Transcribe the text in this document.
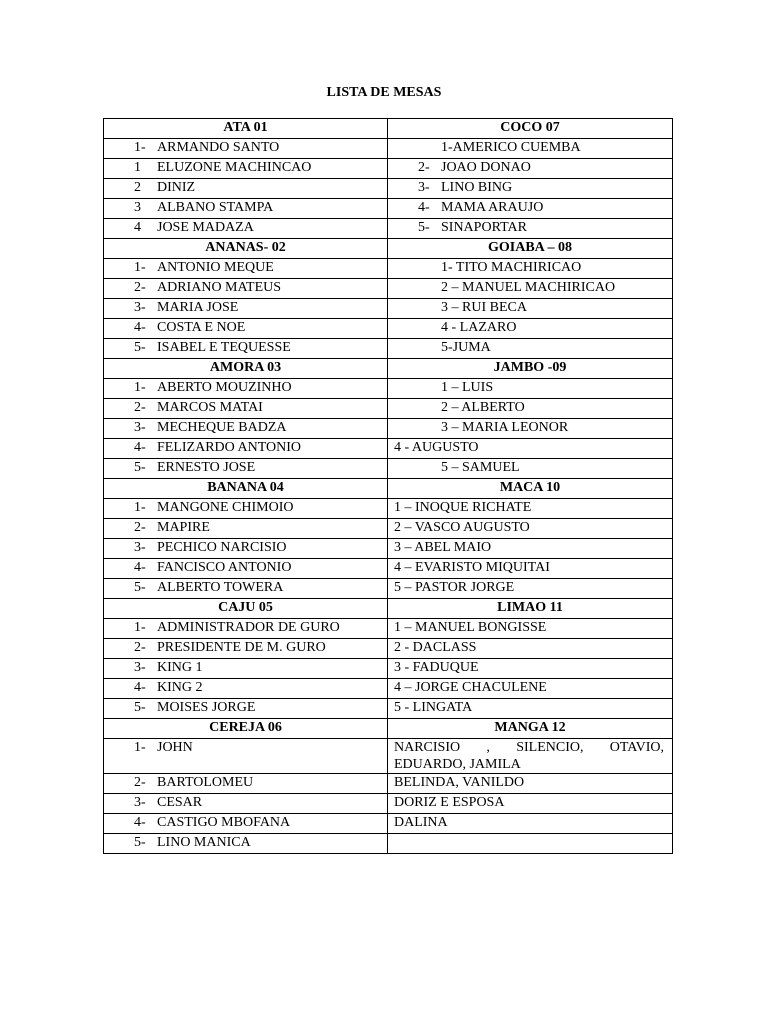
LISTA DE MESAS
ATA 01	COCO 07
1- ARMANDO SANTO	1-AMERICO CUEMBA
1 ELUZONE MACHINCAO	2- JOAO DONAO
2 DINIZ	3- LINO BING
3 ALBANO STAMPA	4- MAMA ARAUJO
4 JOSE MADAZA	5- SINAPORTAR
ANANAS- 02	GOIABA – 08
1- ANTONIO MEQUE	1- TITO MACHIRICAO
2- ADRIANO MATEUS	2 – MANUEL MACHIRICAO
3- MARIA JOSE	3 – RUI BECA
4- COSTA E NOE	4 - LAZARO
5- ISABEL E TEQUESSE	5-JUMA
AMORA 03	JAMBO -09
1- ABERTO MOUZINHO	1 – LUIS
2- MARCOS MATAI	2 – ALBERTO
3- MECHEQUE BADZA	3 – MARIA LEONOR
4- FELIZARDO ANTONIO	4 - AUGUSTO
5- ERNESTO JOSE	5 – SAMUEL
BANANA 04	MACA 10
1- MANGONE CHIMOIO	1 – INOQUE RICHATE
2- MAPIRE	2 – VASCO AUGUSTO
3- PECHICO NARCISIO	3 – ABEL MAIO
4- FANCISCO ANTONIO	4 – EVARISTO MIQUITAI
5- ALBERTO TOWERA	5 – PASTOR JORGE
CAJU 05	LIMAO 11
1- ADMINISTRADOR DE GURO	1 – MANUEL BONGISSE
2- PRESIDENTE DE M. GURO	2 - DACLASS
3- KING 1	3 - FADUQUE
4- KING 2	4 – JORGE CHACULENE
5- MOISES JORGE	5 - LINGATA
CEREJA 06	MANGA 12
1- JOHN	NARCISIO , SILENCIO, OTAVIO, EDUARDO, JAMILA

2- BARTOLOMEU	BELINDA, VANILDO
3- CESAR	DORIZ E ESPOSA
4- CASTIGO MBOFANA	DALINA
5- LINO MANICA	
